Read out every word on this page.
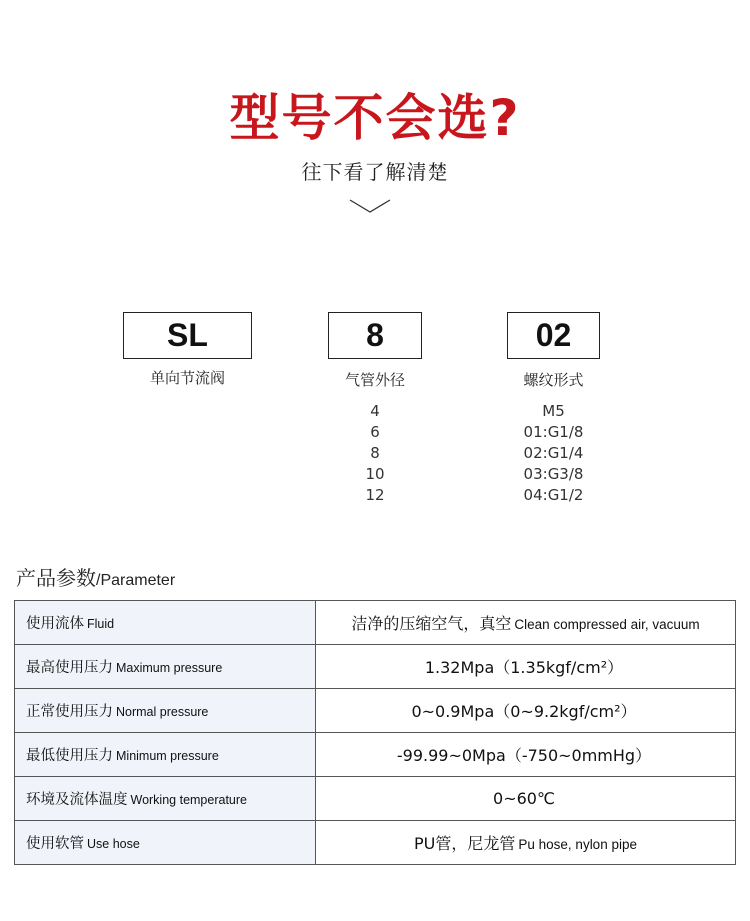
型号不会选?
往下看了解清楚
SL
单向节流阀
8
气管外径
4
6
8
10
12
02
螺纹形式
M5
01:G1/8
02:G1/4
03:G3/8
04:G1/2
产品参数/Parameter
使用流体 Fluid	洁净的压缩空气，真空 Clean compressed air, vacuum
最高使用压力 Maximum pressure	1.32Mpa（1.35kgf/cm²）
正常使用压力 Normal pressure	0~0.9Mpa（0~9.2kgf/cm²）
最低使用压力 Minimum pressure	-99.99~0Mpa（-750~0mmHg）
环境及流体温度 Working temperature	0~60℃
使用软管 Use hose	PU管，尼龙管 Pu hose, nylon pipe
